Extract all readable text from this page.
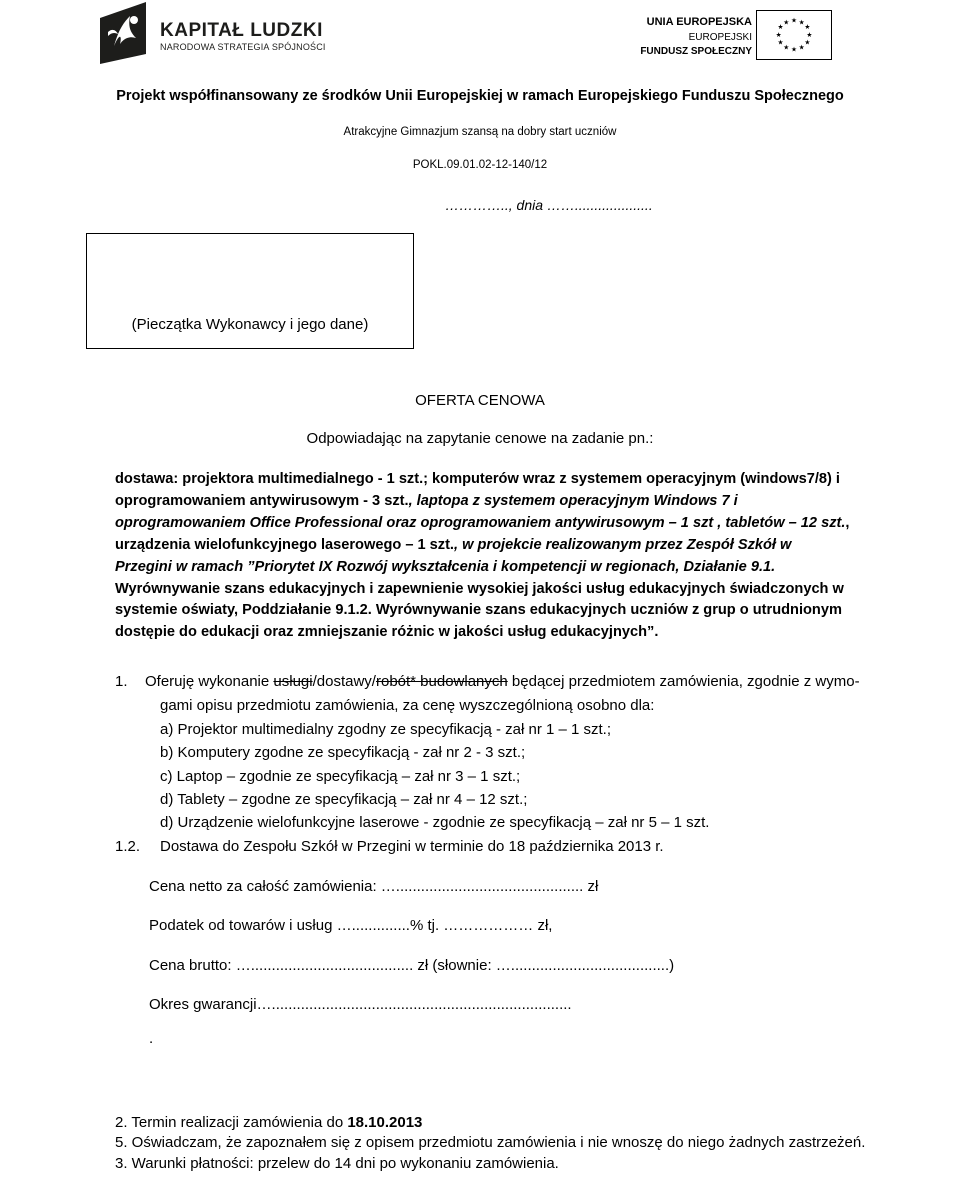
KAPITAŁ LUDZKI
NARODOWA STRATEGIA SPÓJNOŚCI
UNIA EUROPEJSKA
EUROPEJSKI
FUNDUSZ SPOŁECZNY
★ ★
★
★
★
★
★
★
★
★
★
★
Projekt współfinansowany ze środków Unii Europejskiej w ramach Europejskiego Funduszu Społecznego
Atrakcyjne Gimnazjum szansą na dobry start uczniów
POKL.09.01.02-12-140/12
………….., dnia ……....................
(Pieczątka Wykonawcy i jego dane)
OFERTA CENOWA
Odpowiadając na zapytanie cenowe na zadanie pn.:
dostawa: projektora multimedialnego - 1 szt.; komputerów wraz z systemem operacyjnym (windows7/8) i oprogramowaniem antywirusowym - 3 szt., laptopa z systemem operacyjnym Windows 7 i oprogramowaniem Office Professional oraz oprogramowaniem antywirusowym – 1 szt , tabletów – 12 szt., urządzenia wielofunkcyjnego laserowego – 1 szt., w projekcie realizowanym przez Zespół Szkół w Przegini w ramach ”Priorytet IX Rozwój wykształcenia i kompetencji w regionach, Działanie 9.1.
Wyrównywanie szans edukacyjnych i zapewnienie wysokiej jakości usług edukacyjnych świadczonych w systemie oświaty, Poddziałanie 9.1.2. Wyrównywanie szans edukacyjnych uczniów z grup o utrudnionym dostępie do edukacji oraz zmniejszanie różnic w jakości usług edukacyjnych”.
1. Oferuję wykonanie usługi/dostawy/robót* budowlanych będącej przedmiotem zamówienia, zgodnie z wymo-
gami opisu przedmiotu zamówienia, za cenę wyszczególnioną osobno dla:
a) Projektor multimedialny zgodny ze specyfikacją - zał nr 1 – 1 szt.;
b) Komputery zgodne ze specyfikacją - zał nr 2 - 3 szt.;
c) Laptop – zgodnie ze specyfikacją – zał nr 3 – 1 szt.;
d) Tablety – zgodne ze specyfikacją – zał nr 4 – 12 szt.;
d) Urządzenie wielofunkcyjne laserowe - zgodnie ze specyfikacją – zał nr 5 – 1 szt.
1.2. Dostawa do Zespołu Szkół w Przegini w terminie do 18 października 2013 r.
Cena netto za całość zamówienia: …............................................. zł
Podatek od towarów i usług …..............% tj. ……………… zł,
Cena brutto: …....................................... zł (słownie: …......................................)
Okres gwarancji…........................................................................
.
2. Termin realizacji zamówienia do 18.10.2013
5. Oświadczam, że zapoznałem się z opisem przedmiotu zamówienia i nie wnoszę do niego żadnych zastrzeżeń.
3. Warunki płatności: przelew do 14 dni po wykonaniu zamówienia.
